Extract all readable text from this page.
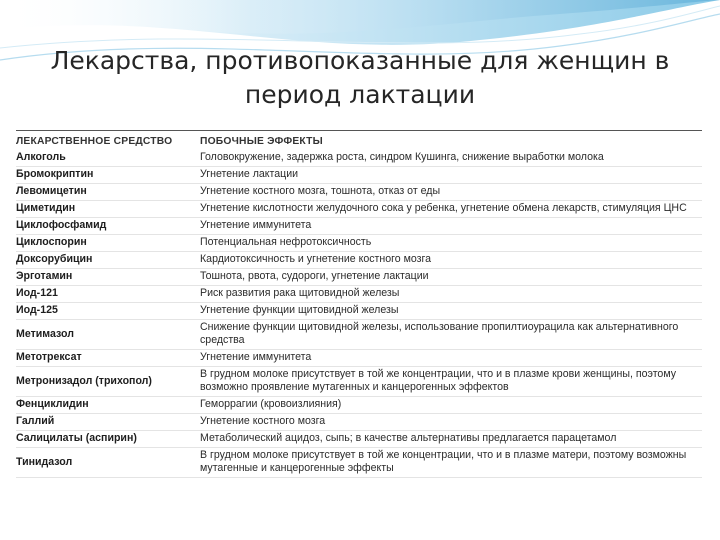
Лекарства, противопоказанные для женщин в период лактации
ЛЕКАРСТВЕННОЕ СРЕДСТВО	ПОБОЧНЫЕ ЭФФЕКТЫ
Алкоголь	Головокружение, задержка роста, синдром Кушинга, снижение выработки молока
Бромокриптин	Угнетение лактации
Левомицетин	Угнетение костного мозга, тошнота, отказ от еды
Циметидин	Угнетение кислотности желудочного сока у ребенка, угнетение обмена лекарств, стимуляция ЦНС
Циклофосфамид	Угнетение иммунитета
Циклоспорин	Потенциальная нефротоксичность
Доксорубицин	Кардиотоксичность и угнетение костного мозга
Эрготамин	Тошнота, рвота, судороги, угнетение лактации
Иод-121	Риск развития рака щитовидной железы
Иод-125	Угнетение функции щитовидной железы
Метимазол	Снижение функции щитовидной железы, использование пропилтиоурацила как альтернативного средства
Метотрексат	Угнетение иммунитета
Метронизадол (трихопол)	В грудном молоке присутствует в той же концентрации, что и в плазме крови женщины, поэтому возможно проявление мутагенных и канцерогенных эффектов
Фенциклидин	Геморрагии (кровоизлияния)
Галлий	Угнетение костного мозга
Салицилаты (аспирин)	Метаболический ацидоз, сыпь; в качестве альтернативы предлагается парацетамол
Тинидазол	В грудном молоке присутствует в той же концентрации, что и в плазме матери, поэтому возможны мутагенные и канцерогенные эффекты
